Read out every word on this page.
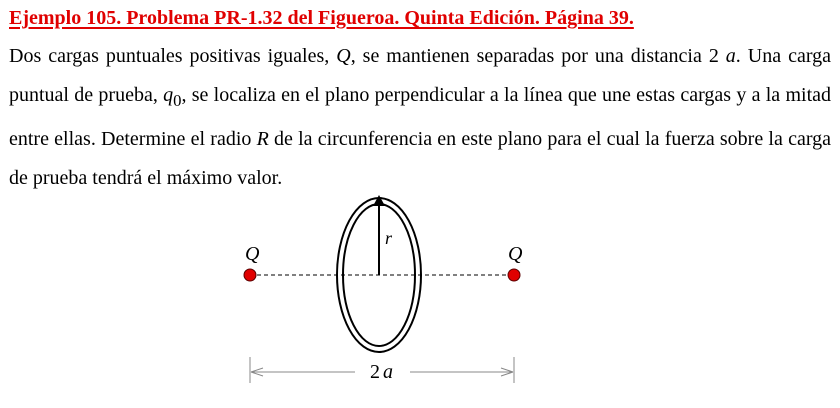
Ejemplo 105. Problema PR-1.32 del Figueroa. Quinta Edición. Página 39.
Dos cargas puntuales positivas iguales, Q, se mantienen separadas por una distancia 2 a. Una carga puntual de prueba, $q_0$, se localiza en el plano perpendicular a la línea que une estas cargas y a la mitad entre ellas. Determine el radio R de la circunferencia en este plano para el cual la fuerza sobre la carga de prueba tendrá el máximo valor.
r
Q	Q
2 a
